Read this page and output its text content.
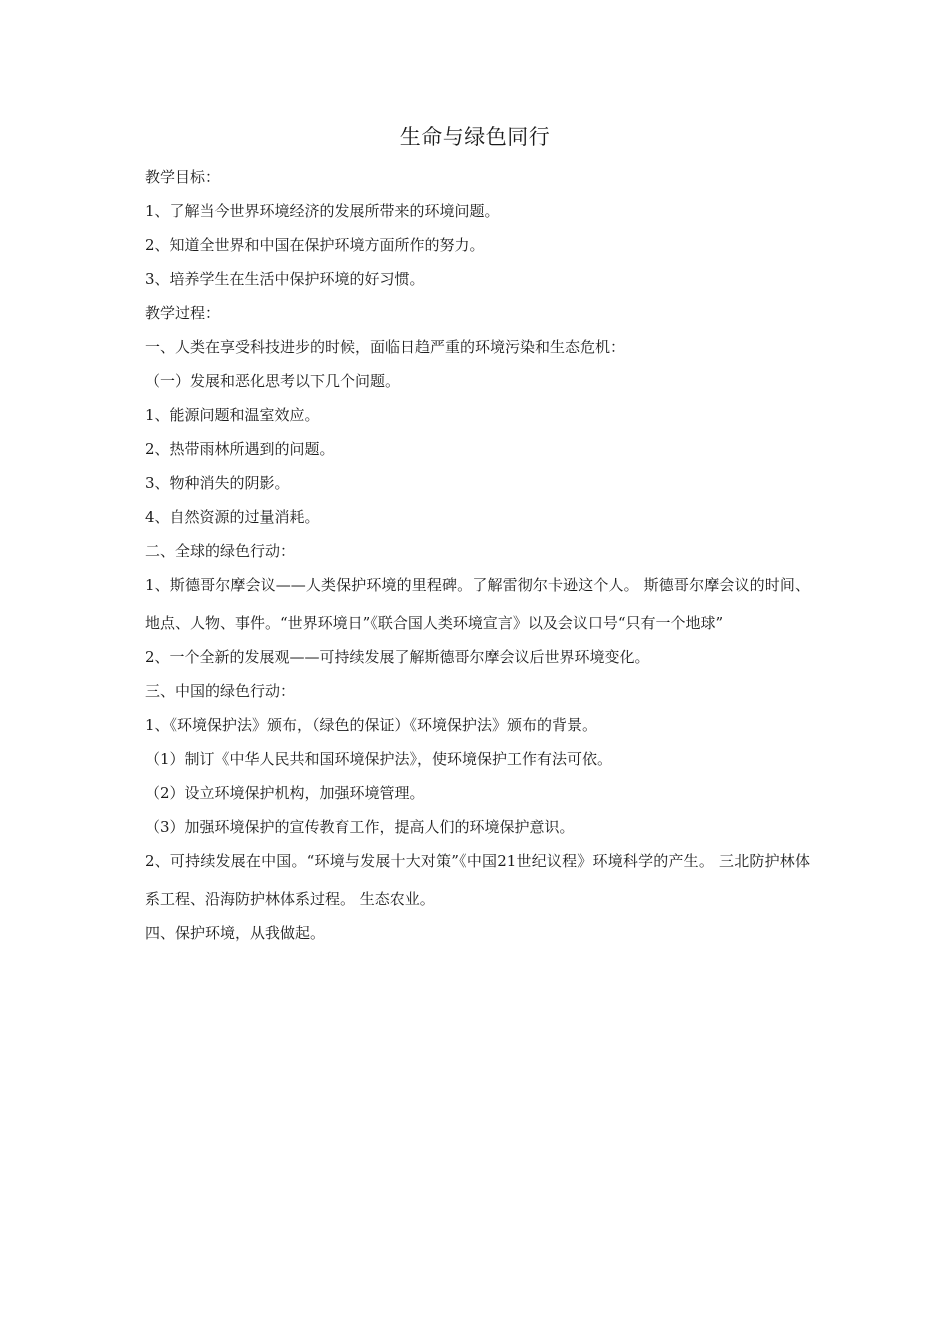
生命与绿色同行
教学目标：
1、了解当今世界环境经济的发展所带来的环境问题。
2、知道全世界和中国在保护环境方面所作的努力。
3、培养学生在生活中保护环境的好习惯。
教学过程：
一、人类在享受科技进步的时候，面临日趋严重的环境污染和生态危机：
（一）发展和恶化思考以下几个问题。
1、能源问题和温室效应。
2、热带雨林所遇到的问题。
3、物种消失的阴影。
4、自然资源的过量消耗。
二、全球的绿色行动：
1、斯德哥尔摩会议——人类保护环境的里程碑。了解雷彻尔卡逊这个人。 斯德哥尔摩会议的时间、地点、人物、事件。“世界环境日”《联合国人类环境宣言》以及会议口号“只有一个地球”
2、一个全新的发展观——可持续发展了解斯德哥尔摩会议后世界环境变化。
三、中国的绿色行动：
1、《环境保护法》颁布，（绿色的保证）《环境保护法》颁布的背景。
（1）制订《中华人民共和国环境保护法》，使环境保护工作有法可依。
（2）设立环境保护机构，加强环境管理。
（3）加强环境保护的宣传教育工作，提高人们的环境保护意识。
2、可持续发展在中国。“环境与发展十大对策”《中国21世纪议程》环境科学的产生。 三北防护林体系工程、沿海防护林体系过程。 生态农业。
四、保护环境，从我做起。
